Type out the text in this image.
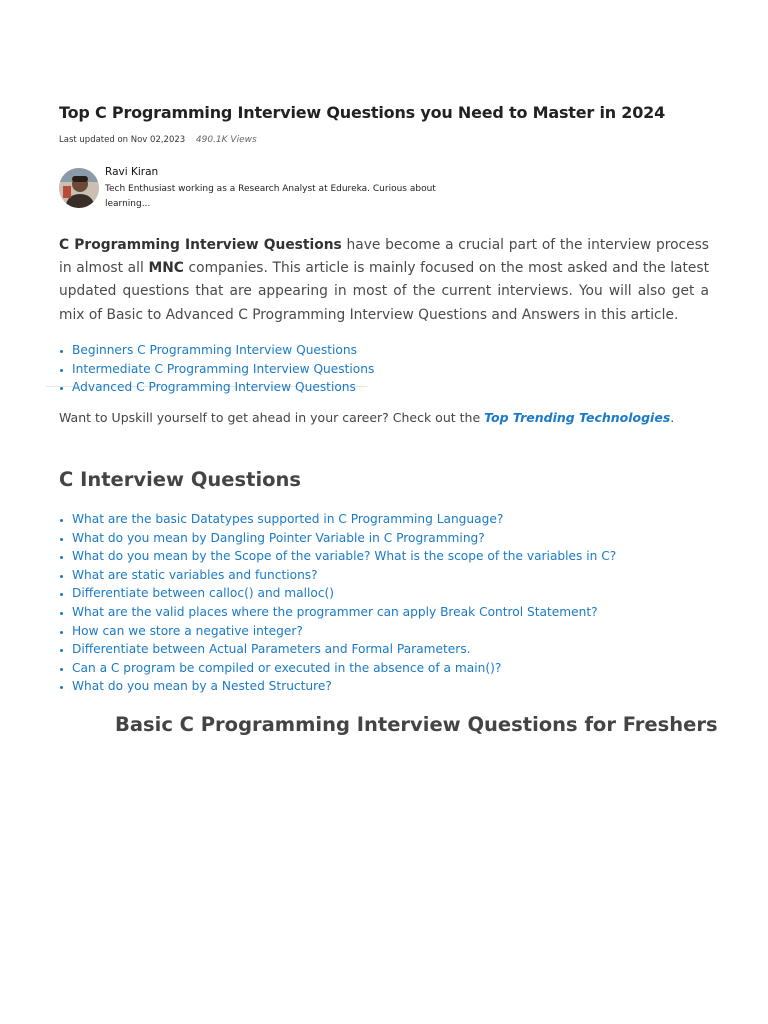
Top C Programming Interview Questions you Need to Master in 2024
Last updated on Nov 02,2023 490.1K Views
Ravi Kiran
Tech Enthusiast working as a Research Analyst at Edureka. Curious about learning...

C Programming Interview Questions have become a crucial part of the interview process in almost all MNC companies. This article is mainly focused on the most asked and the latest updated questions that are appearing in most of the current interviews. You will also get a mix of Basic to Advanced C Programming Interview Questions and Answers in this article.

• Beginners C Programming Interview Questions
• Intermediate C Programming Interview Questions
• Advanced C Programming Interview Questions
Want to Upskill yourself to get ahead in your career? Check out the Top Trending Technologies.
C Interview Questions
• What are the basic Datatypes supported in C Programming Language?
• What do you mean by Dangling Pointer Variable in C Programming?
• What do you mean by the Scope of the variable? What is the scope of the variables in C?
• What are static variables and functions?
• Differentiate between calloc() and malloc()
• What are the valid places where the programmer can apply Break Control Statement?
• How can we store a negative integer?
• Differentiate between Actual Parameters and Formal Parameters.
• Can a C program be compiled or executed in the absence of a main()?
• What do you mean by a Nested Structure?
Basic C Programming Interview Questions for Freshers
